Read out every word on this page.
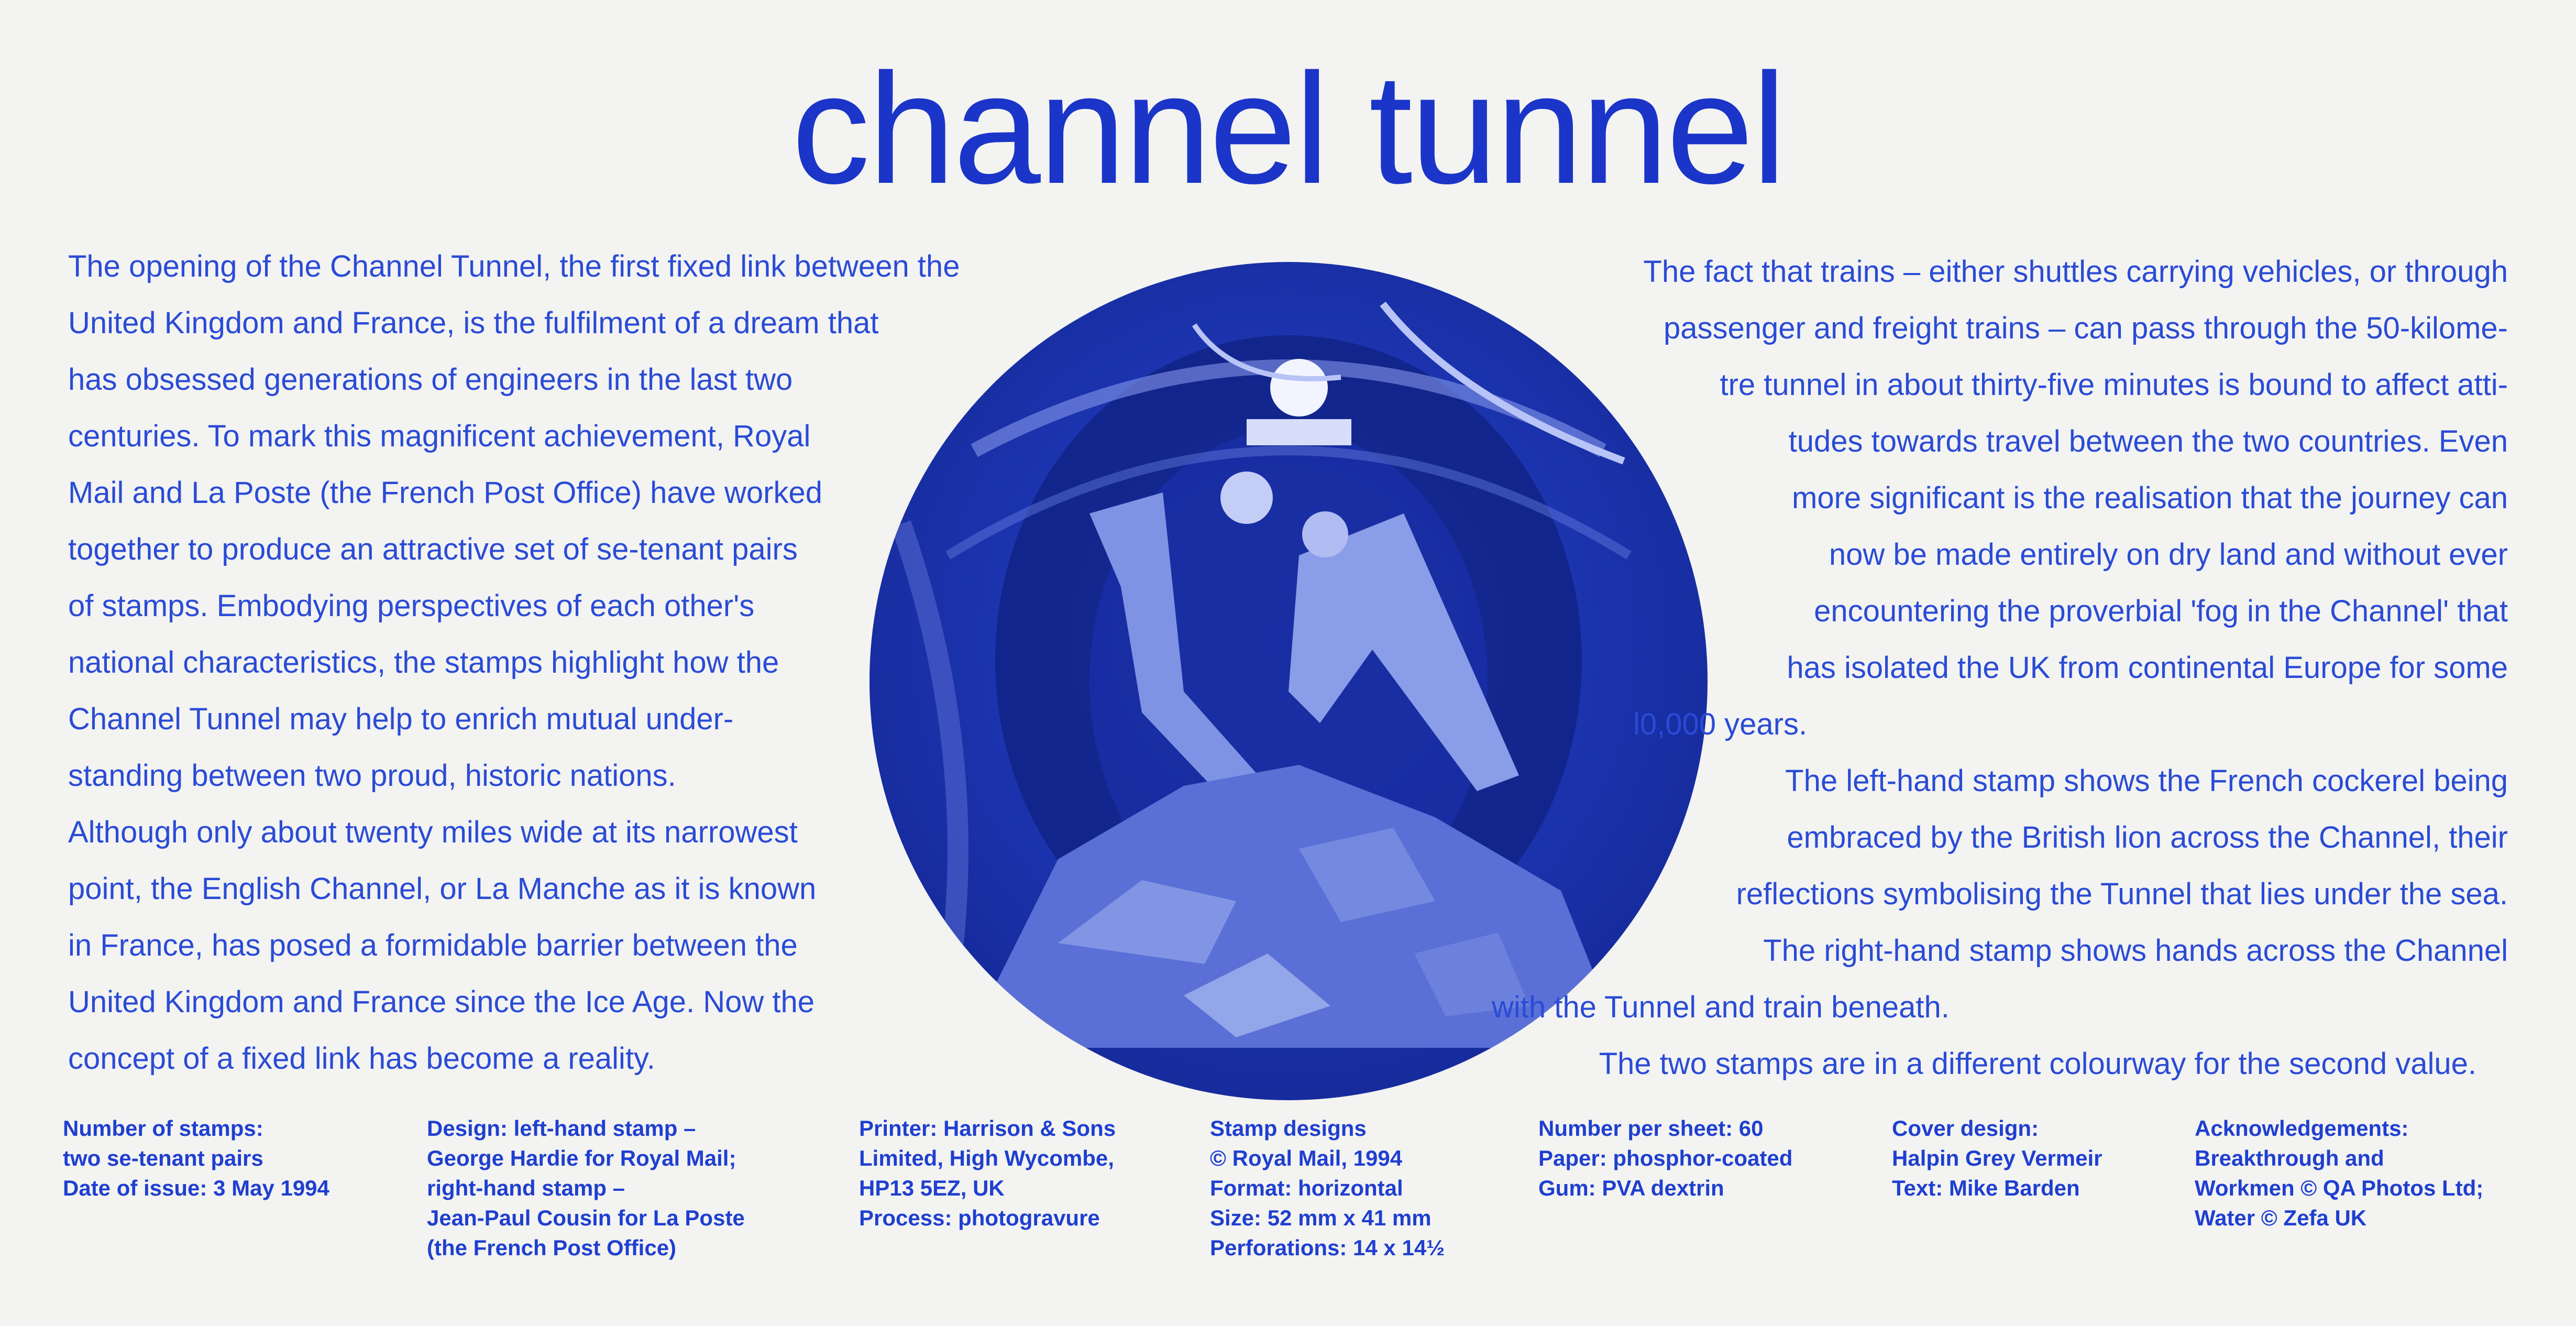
channel tunnel
The opening of the Channel Tunnel, the first fixed link between the
United Kingdom and France, is the fulfilment of a dream that
has obsessed generations of engineers in the last two
centuries. To mark this magnificent achievement, Royal
Mail and La Poste (the French Post Office) have worked
together to produce an attractive set of se-tenant pairs
of stamps. Embodying perspectives of each other's
national characteristics, the stamps highlight how the
Channel Tunnel may help to enrich mutual under-
standing between two proud, historic nations.
Although only about twenty miles wide at its narrowest
point, the English Channel, or La Manche as it is known
in France, has posed a formidable barrier between the
United Kingdom and France since the Ice Age. Now the
concept of a fixed link has become a reality.
The fact that trains – either shuttles carrying vehicles, or through
passenger and freight trains – can pass through the 50-kilome-
tre tunnel in about thirty-five minutes is bound to affect atti-
tudes towards travel between the two countries. Even
more significant is the realisation that the journey can
now be made entirely on dry land and without ever
encountering the proverbial 'fog in the Channel' that
has isolated the UK from continental Europe for some
l0,000 years.
The left-hand stamp shows the French cockerel being
embraced by the British lion across the Channel, their
reflections symbolising the Tunnel that lies under the sea.
The right-hand stamp shows hands across the Channel
with the Tunnel and train beneath.
The two stamps are in a different colourway for the second value.
Number of stamps:
two se-tenant pairs
Date of issue: 3 May 1994
Design: left-hand stamp –
George Hardie for Royal Mail;
right-hand stamp –
Jean-Paul Cousin for La Poste
(the French Post Office)
Printer: Harrison & Sons
Limited, High Wycombe,
HP13 5EZ, UK
Process: photogravure
Stamp designs
© Royal Mail, 1994
Format: horizontal
Size: 52 mm x 41 mm
Perforations: 14 x 14½
Number per sheet: 60
Paper: phosphor-coated
Gum: PVA dextrin
Cover design:
Halpin Grey Vermeir
Text: Mike Barden
Acknowledgements:
Breakthrough and
Workmen © QA Photos Ltd;
Water © Zefa UK
